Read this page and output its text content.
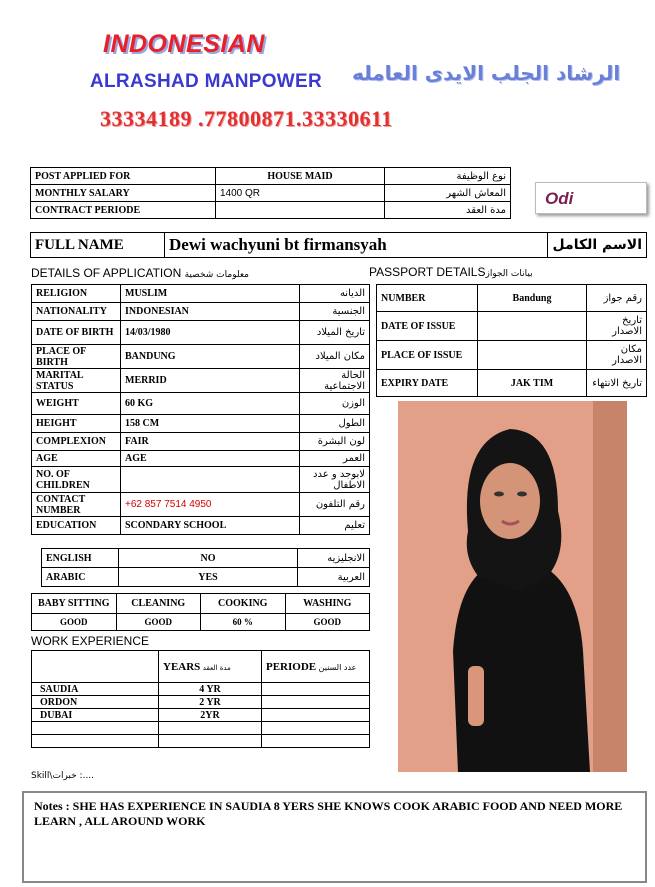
INDONESIAN
ALRASHAD MANPOWER الرشاد الجلب الايدى العامله
33334189 .77800871.33330611
POST APPLIED FOR	HOUSE MAID	نوع الوظيفة
MONTHLY SALARY	1400 QR	المعاش الشهر
CONTRACT PERIODE		مدة العقد
Odi
FULL NAME	Dewi wachyuni bt firmansyah	الاسم الكامل
DETAILS OF APPLICATION معلومات شخصية	PASSPORT DETAILSبيانات الجواز
RELIGION	MUSLIM	الديانه
NATIONALITY	INDONESIAN	الجنسية
DATE OF BIRTH	14/03/1980	تاريخ الميلاد
PLACE OF BIRTH	BANDUNG	مكان الميلاد
MARITAL STATUS	MERRID	الحالة الاجتماعية
WEIGHT	60 KG	الوزن
HEIGHT	158 CM	الطول
COMPLEXION	FAIR	لون البشرة
AGE	AGE	العمر
NO. OF CHILDREN		لابوجد و عدد الاطفال
CONTACT NUMBER	+62 857 7514 4950	رقم التلفون
EDUCATION	SCONDARY SCHOOL	تعليم
ENGLISH	NO	الانجليزيه
ARABIC	YES	العربية
NUMBER	Bandung	رقم جواز
DATE OF ISSUE		تاريخ الاصدار
PLACE OF ISSUE		مكان الاصدار
EXPIRY DATE	JAK TIM	تاريخ الانتهاء
BABY SITTING	CLEANING	COOKING	WASHING
GOOD	GOOD	60 %	GOOD
WORK EXPERIENCE
	YEARS مدة العقد	PERIODE عدد السنين
SAUDIA	4 YR	
ORDON	2 YR	
DUBAI	2YR	

Skill\خبرات :....
Notes : SHE HAS EXPERIENCE IN SAUDIA 8 YERS SHE KNOWS COOK ARABIC FOOD AND NEED MORE LEARN , ALL AROUND WORK
